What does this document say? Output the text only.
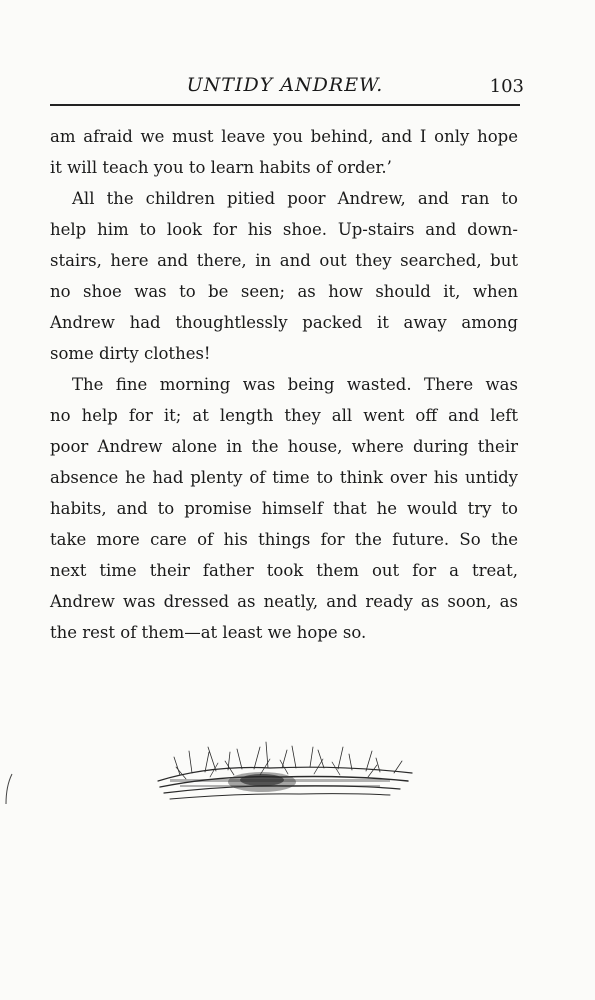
UNTIDY ANDREW.	103
am afraid we must leave you behind, and I only hope
it will teach you to learn habits of order.’
All the children pitied poor Andrew, and ran to
help him to look for his shoe. Up-stairs and down-
stairs, here and there, in and out they searched, but
no shoe was to be seen; as how should it, when
Andrew had thoughtlessly packed it away among
some dirty clothes!
The fine morning was being wasted. There was
no help for it; at length they all went off and left
poor Andrew alone in the house, where during their
absence he had plenty of time to think over his untidy
habits, and to promise himself that he would try to
take more care of his things for the future. So the
next time their father took them out for a treat,
Andrew was dressed as neatly, and ready as soon, as
the rest of them—at least we hope so.
